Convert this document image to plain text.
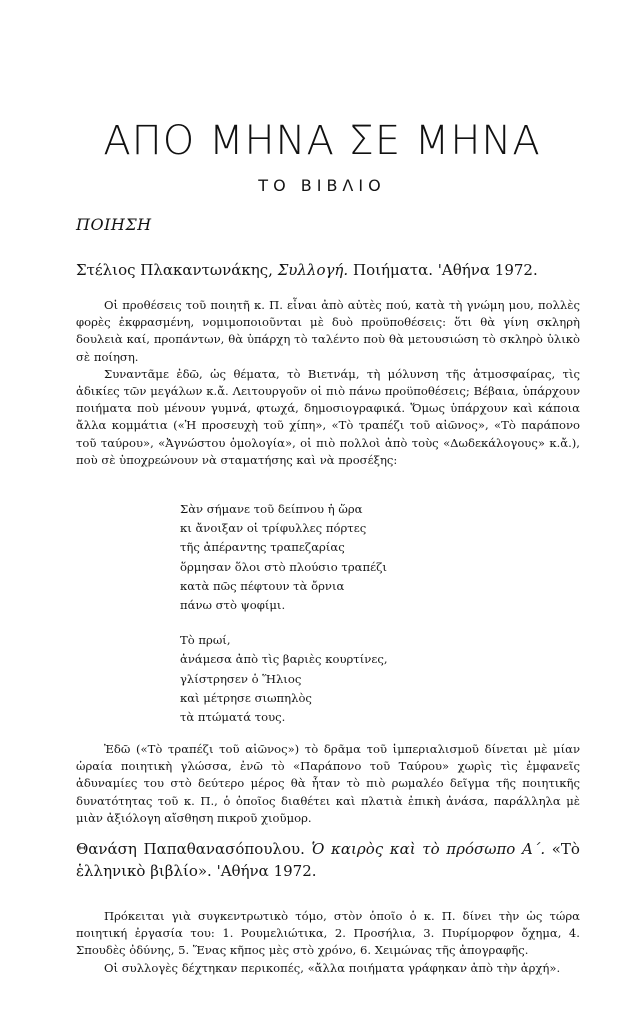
ΑΠΟ ΜΗΝΑ ΣΕ ΜΗΝΑ
ΤΟ ΒΙΒΛΙΟ
ΠΟΙΗΣΗ
Στέλιος Πλακαντωνάκης, Συλλογή. Ποιήματα. 'Αθήνα 1972.

Οἱ προθέσεις τοῦ ποιητῆ κ. Π. εἶναι ἀπὸ αὐτὲς πού, κατὰ τὴ γνώμη μου, πολλὲς φορὲς ἐκφρασμένη, νομιμοποιοῦνται μὲ δυὸ προϋποθέσεις: ὅτι θὰ γίνη σκληρὴ δουλειὰ καί, προπάντων, θὰ ὑπάρχη τὸ ταλέντο ποὺ θὰ μετουσιώση τὸ σκληρὸ ὑλικὸ σὲ ποίηση.

Συναντᾶμε ἐδῶ, ὡς θέματα, τὸ Βιετνάμ, τὴ μόλυνση τῆς ἀτμοσφαίρας, τὶς ἀδικίες τῶν μεγάλων κ.ἄ. Λειτουργοῦν οἱ πιὸ πάνω προϋποθέσεις; Βέβαια, ὑπάρχουν ποιήματα ποὺ μένουν γυμνά, φτωχά, δημοσιογραφικά. Ὅμως ὑπάρχουν καὶ κάποια ἄλλα κομμάτια («Ἡ προσευχὴ τοῦ χίπη», «Τὸ τραπέζι τοῦ αἰῶνος», «Τὸ παράπονο τοῦ ταύρου», «Ἀγνώστου ὁμολογία», οἱ πιὸ πολλοὶ ἀπὸ τοὺς «Δωδεκάλογους» κ.ἄ.), ποὺ σὲ ὑποχρεώνουν νὰ σταματήσης καὶ νὰ προσέξης:

Σὰν σήμανε τοῦ δείπνου ἡ ὥρα
κι ἄνοιξαν οἱ τρίφυλλες πόρτες
τῆς ἀπέραντης τραπεζαρίας
ὅρμησαν ὅλοι στὸ πλούσιο τραπέζι
κατὰ πῶς πέφτουν τὰ ὄρνια
πάνω στὸ ψοφίμι.
Τὸ πρωί,
ἀνάμεσα ἀπὸ τὶς βαριὲς κουρτίνες,
γλίστρησεν ὁ Ἥλιος
καὶ μέτρησε σιωπηλὸς
τὰ πτώματά τους.

Ἐδῶ («Τὸ τραπέζι τοῦ αἰῶνος») τὸ δρᾶμα τοῦ ἰμπεριαλισμοῦ δίνεται μὲ μίαν ὡραία ποιητικὴ γλώσσα, ἐνῶ τὸ «Παράπονο τοῦ Ταύρου» χωρὶς τὶς ἐμφανεῖς ἀδυναμίες του στὸ δεύτερο μέρος θὰ ἦταν τὸ πιὸ ρωμαλέο δεῖγμα τῆς ποιητικῆς δυνατότητας τοῦ κ. Π., ὁ ὁποῖος διαθέτει καὶ πλατιὰ ἐπικὴ ἀνάσα, παράλληλα μὲ μιὰν ἀξιόλογη αἴσθηση πικροῦ χιοῦμορ.

Θανάση Παπαθανασόπουλου. Ὁ καιρὸς καὶ τὸ πρόσωπο Α΄. «Τὸ ἑλληνικὸ βιβλίο». 'Αθήνα 1972.

Πρόκειται γιὰ συγκεντρωτικὸ τόμο, στὸν ὁποῖο ὁ κ. Π. δίνει τὴν ὡς τώρα ποιητική ἐργασία του: 1. Ρουμελιώτικα, 2. Προσήλια, 3. Πυρίμορφον ὄχημα, 4. Σπουδὲς ὀδύνης, 5. Ἕνας κῆπος μὲς στὸ χρόνο, 6. Χειμώνας τῆς ἀπογραφῆς.

Οἱ συλλογὲς δέχτηκαν περικοπές, «ἄλλα ποιήματα γράφηκαν ἀπὸ τὴν ἀρχή».
